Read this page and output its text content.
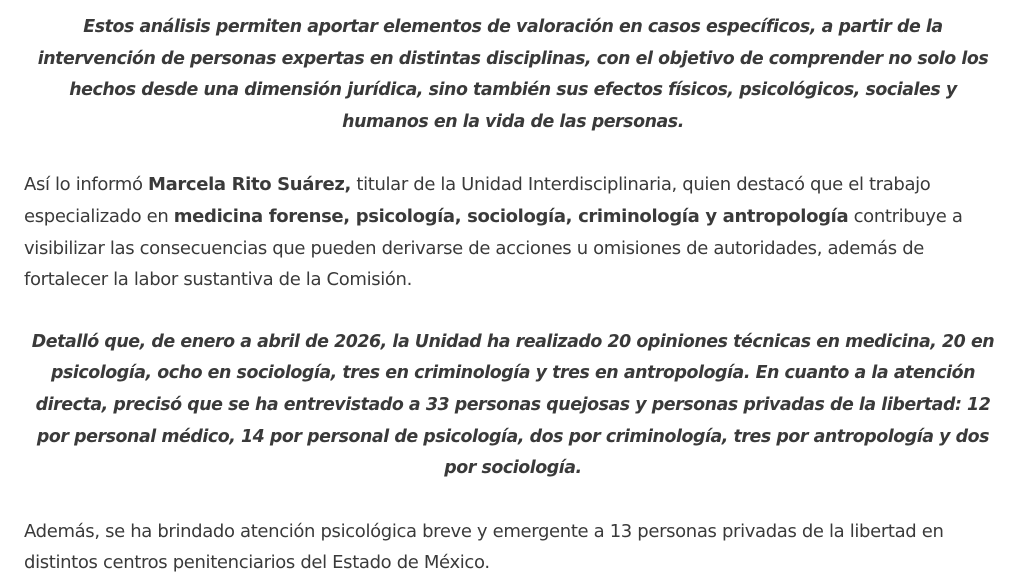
Estos análisis permiten aportar elementos de valoración en casos específicos, a partir de la intervención de personas expertas en distintas disciplinas, con el objetivo de comprender no solo los hechos desde una dimensión jurídica, sino también sus efectos físicos, psicológicos, sociales y humanos en la vida de las personas.

Así lo informó Marcela Rito Suárez, titular de la Unidad Interdisciplinaria, quien destacó que el trabajo especializado en medicina forense, psicología, sociología, criminología y antropología contribuye a visibilizar las consecuencias que pueden derivarse de acciones u omisiones de autoridades, además de fortalecer la labor sustantiva de la Comisión.

Detalló que, de enero a abril de 2026, la Unidad ha realizado 20 opiniones técnicas en medicina, 20 en psicología, ocho en sociología, tres en criminología y tres en antropología. En cuanto a la atención directa, precisó que se ha entrevistado a 33 personas quejosas y personas privadas de la libertad: 12 por personal médico, 14 por personal de psicología, dos por criminología, tres por antropología y dos por sociología.

Además, se ha brindado atención psicológica breve y emergente a 13 personas privadas de la libertad en distintos centros penitenciarios del Estado de México.
